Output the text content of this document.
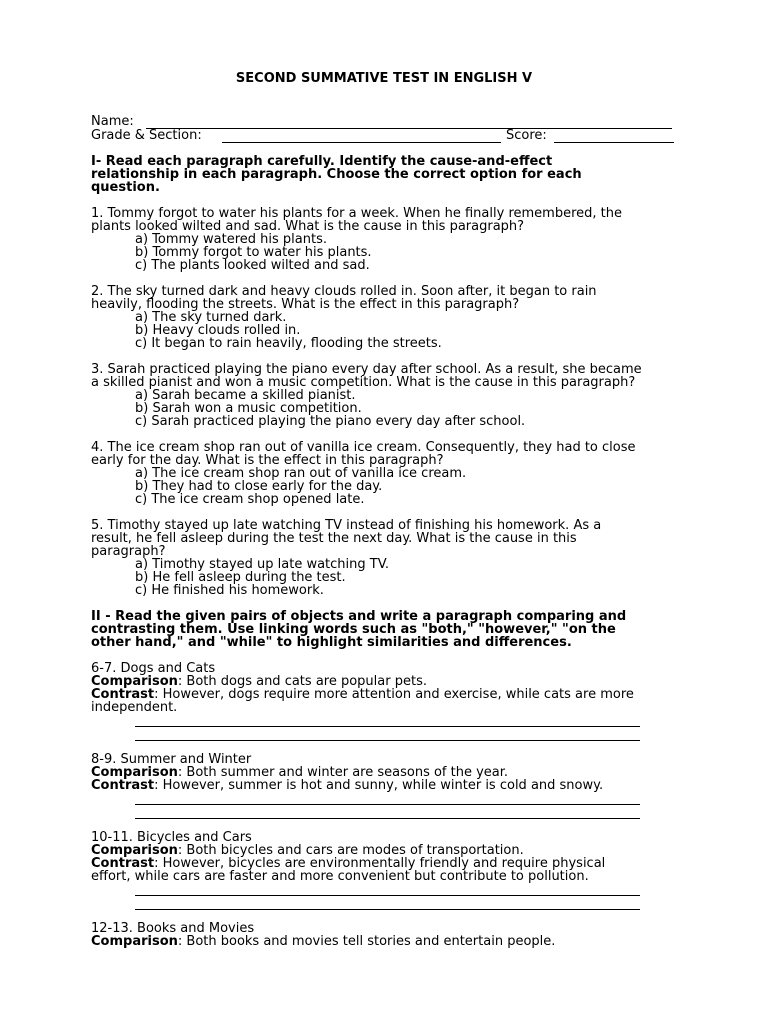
SECOND SUMMATIVE TEST IN ENGLISH V
Name:
Grade & Section:	Score:
I- Read each paragraph carefully. Identify the cause-and-effect
relationship in each paragraph. Choose the correct option for each
question.
1. Tommy forgot to water his plants for a week. When he finally remembered, the
plants looked wilted and sad. What is the cause in this paragraph?
a) Tommy watered his plants.
b) Tommy forgot to water his plants.
c) The plants looked wilted and sad.
2. The sky turned dark and heavy clouds rolled in. Soon after, it began to rain
heavily, flooding the streets. What is the effect in this paragraph?
a) The sky turned dark.
b) Heavy clouds rolled in.
c) It began to rain heavily, flooding the streets.
3. Sarah practiced playing the piano every day after school. As a result, she became
a skilled pianist and won a music competition. What is the cause in this paragraph?
a) Sarah became a skilled pianist.
b) Sarah won a music competition.
c) Sarah practiced playing the piano every day after school.
4. The ice cream shop ran out of vanilla ice cream. Consequently, they had to close
early for the day. What is the effect in this paragraph?
a) The ice cream shop ran out of vanilla ice cream.
b) They had to close early for the day.
c) The ice cream shop opened late.
5. Timothy stayed up late watching TV instead of finishing his homework. As a
result, he fell asleep during the test the next day. What is the cause in this
paragraph?
a) Timothy stayed up late watching TV.
b) He fell asleep during the test.
c) He finished his homework.
II - Read the given pairs of objects and write a paragraph comparing and
contrasting them. Use linking words such as "both," "however," "on the
other hand," and "while" to highlight similarities and differences.
6-7. Dogs and Cats
Comparison: Both dogs and cats are popular pets.
Contrast: However, dogs require more attention and exercise, while cats are more
independent.
8-9. Summer and Winter
Comparison: Both summer and winter are seasons of the year.
Contrast: However, summer is hot and sunny, while winter is cold and snowy.
10-11. Bicycles and Cars
Comparison: Both bicycles and cars are modes of transportation.
Contrast: However, bicycles are environmentally friendly and require physical
effort, while cars are faster and more convenient but contribute to pollution.
12-13. Books and Movies
Comparison: Both books and movies tell stories and entertain people.
